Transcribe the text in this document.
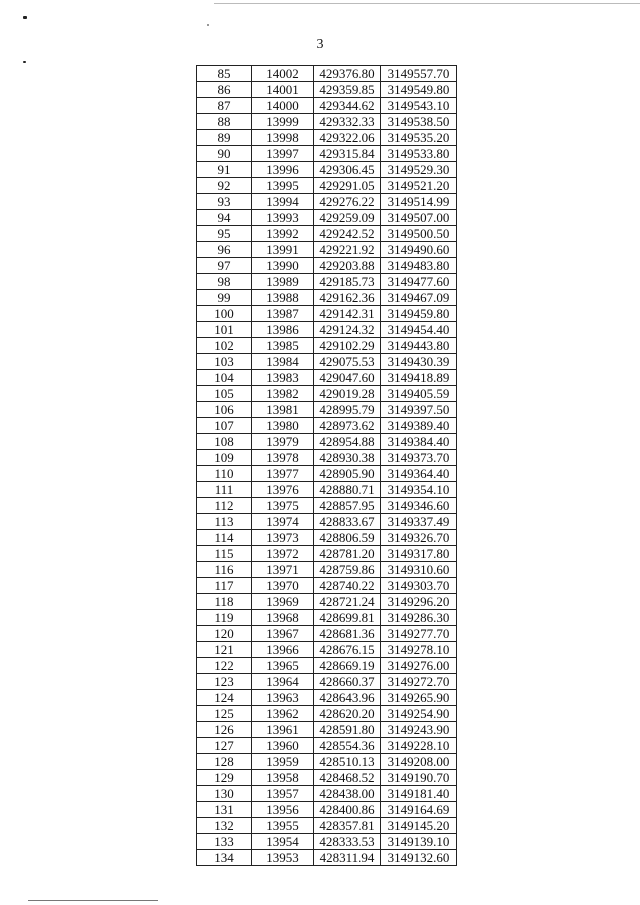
3
85	14002	429376.80	3149557.70
86	14001	429359.85	3149549.80
87	14000	429344.62	3149543.10
88	13999	429332.33	3149538.50
89	13998	429322.06	3149535.20
90	13997	429315.84	3149533.80
91	13996	429306.45	3149529.30
92	13995	429291.05	3149521.20
93	13994	429276.22	3149514.99
94	13993	429259.09	3149507.00
95	13992	429242.52	3149500.50
96	13991	429221.92	3149490.60
97	13990	429203.88	3149483.80
98	13989	429185.73	3149477.60
99	13988	429162.36	3149467.09
100	13987	429142.31	3149459.80
101	13986	429124.32	3149454.40
102	13985	429102.29	3149443.80
103	13984	429075.53	3149430.39
104	13983	429047.60	3149418.89
105	13982	429019.28	3149405.59
106	13981	428995.79	3149397.50
107	13980	428973.62	3149389.40
108	13979	428954.88	3149384.40
109	13978	428930.38	3149373.70
110	13977	428905.90	3149364.40
111	13976	428880.71	3149354.10
112	13975	428857.95	3149346.60
113	13974	428833.67	3149337.49
114	13973	428806.59	3149326.70
115	13972	428781.20	3149317.80
116	13971	428759.86	3149310.60
117	13970	428740.22	3149303.70
118	13969	428721.24	3149296.20
119	13968	428699.81	3149286.30
120	13967	428681.36	3149277.70
121	13966	428676.15	3149278.10
122	13965	428669.19	3149276.00
123	13964	428660.37	3149272.70
124	13963	428643.96	3149265.90
125	13962	428620.20	3149254.90
126	13961	428591.80	3149243.90
127	13960	428554.36	3149228.10
128	13959	428510.13	3149208.00
129	13958	428468.52	3149190.70
130	13957	428438.00	3149181.40
131	13956	428400.86	3149164.69
132	13955	428357.81	3149145.20
133	13954	428333.53	3149139.10
134	13953	428311.94	3149132.60
